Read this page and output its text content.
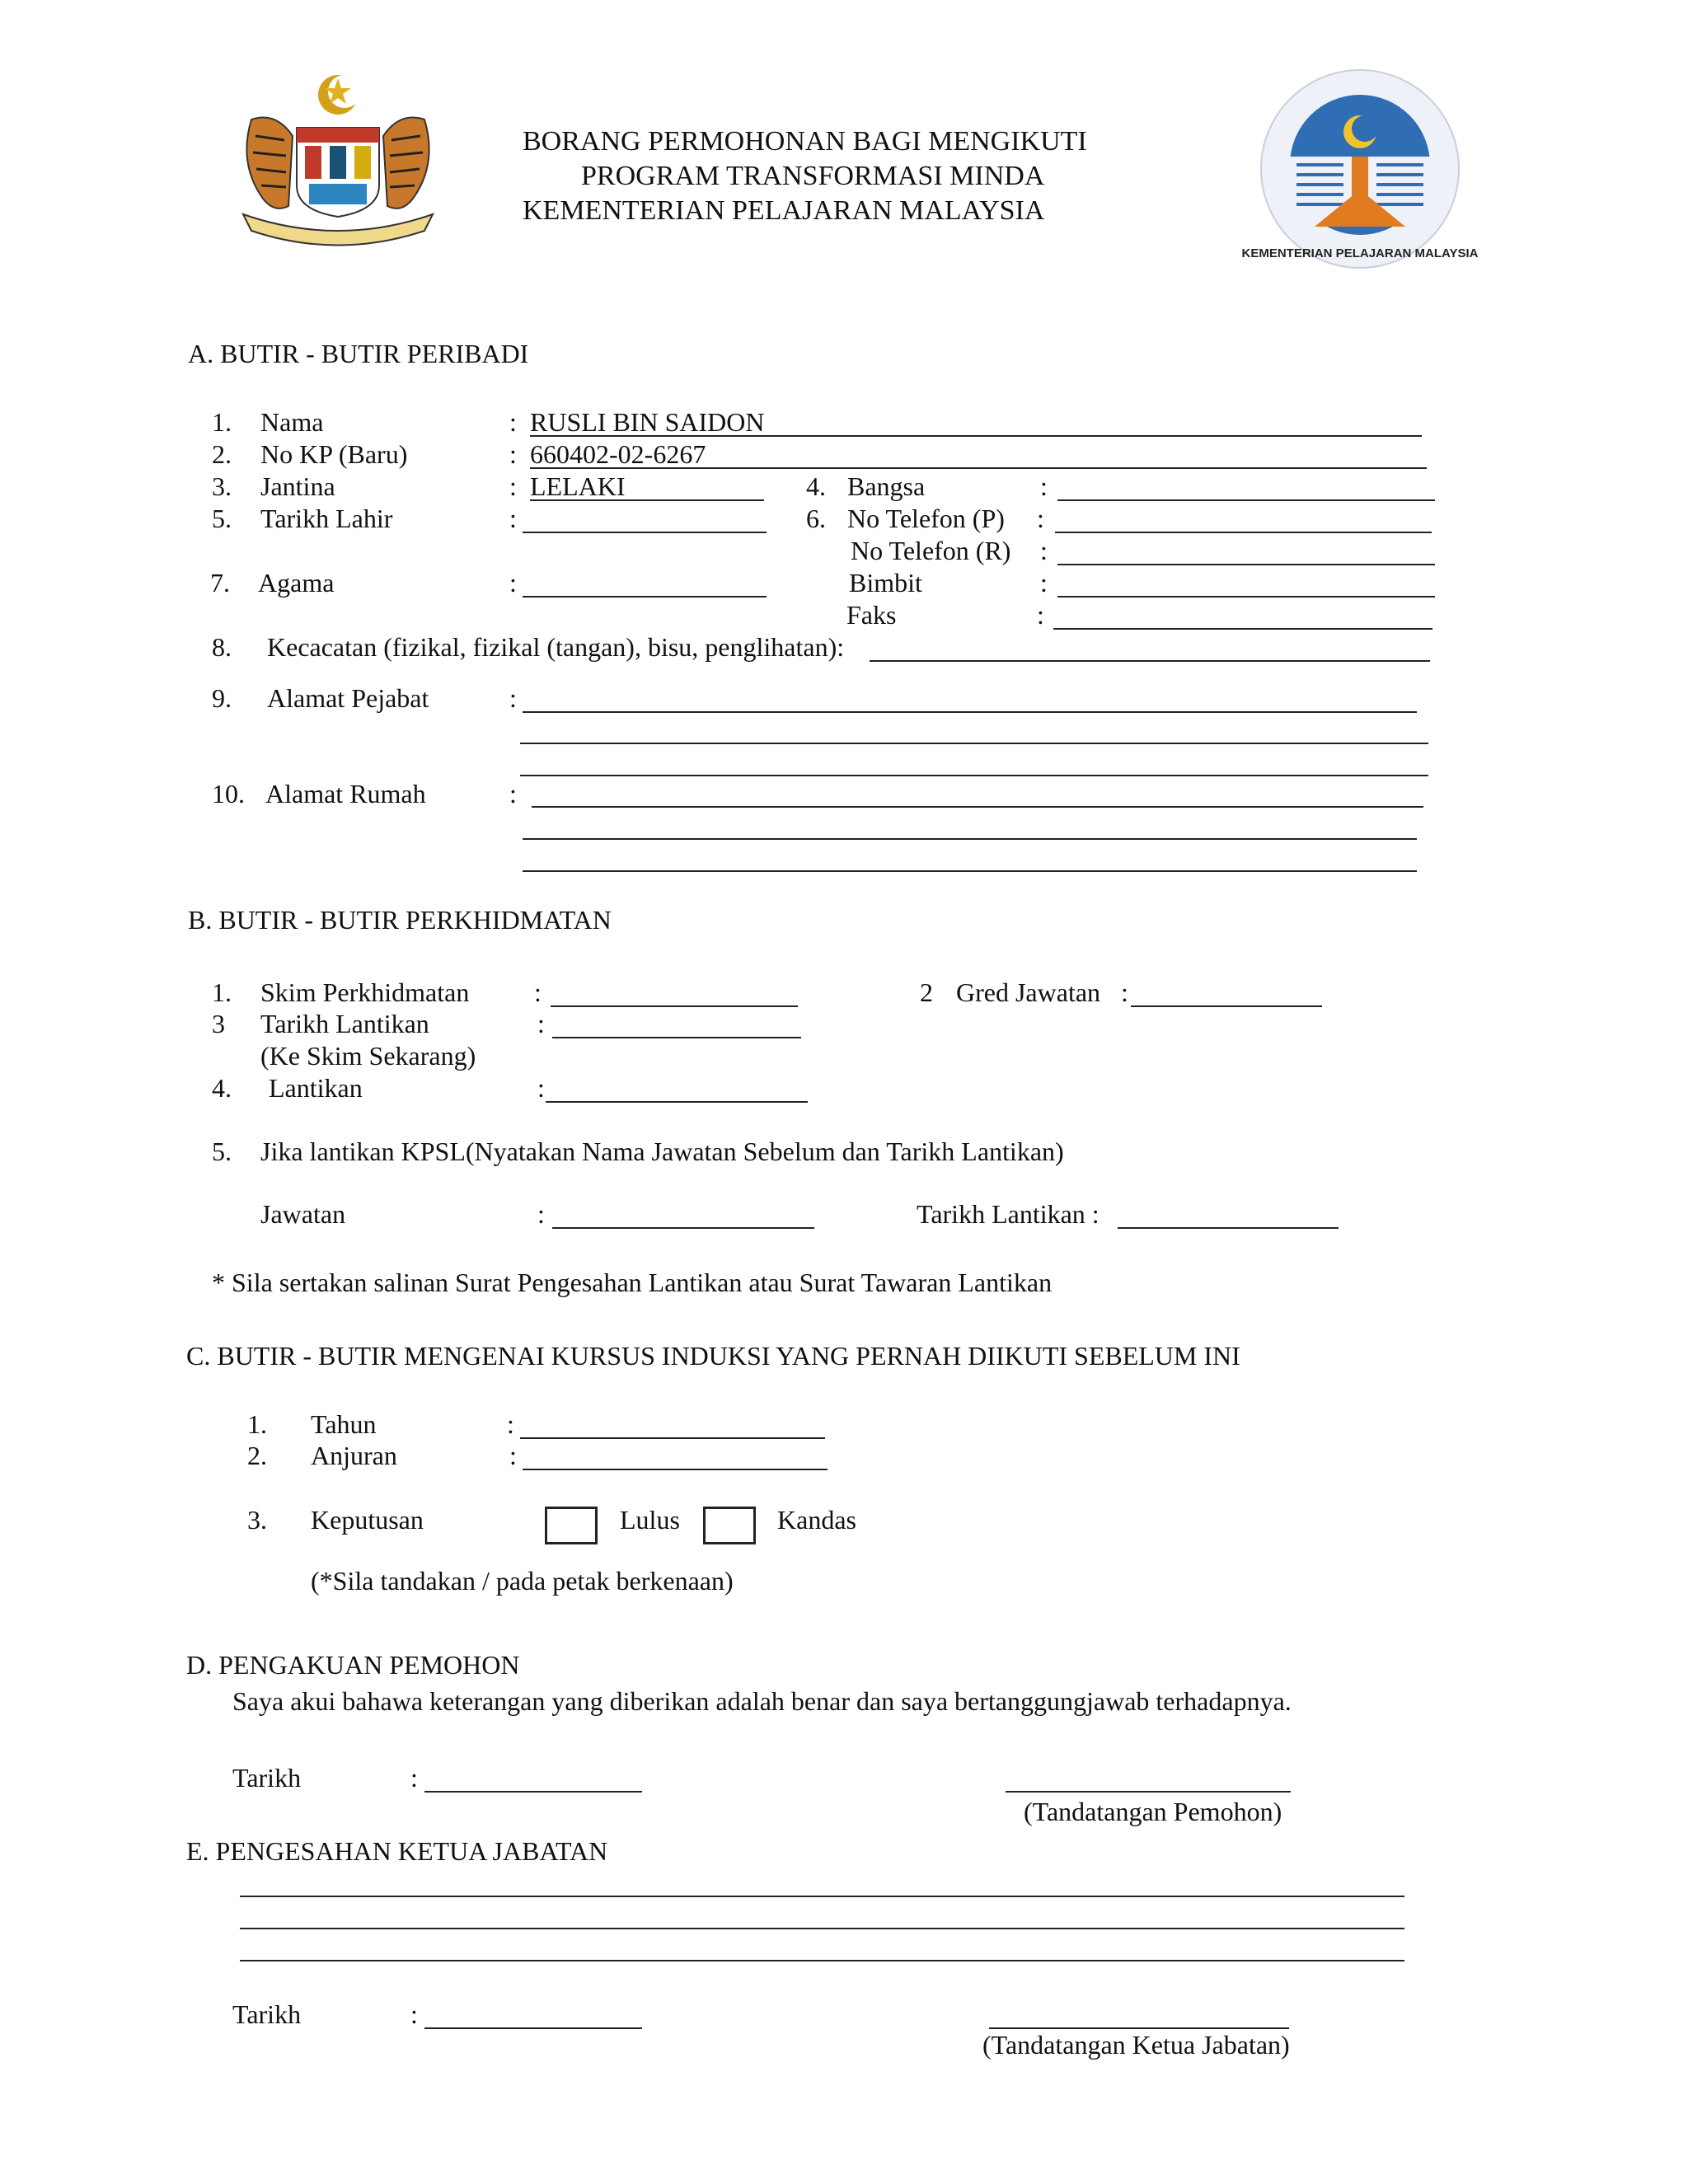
KEMENTERIAN PELAJARAN MALAYSIA
BORANG PERMOHONAN BAGI MENGIKUTI
PROGRAM TRANSFORMASI MINDA
KEMENTERIAN PELAJARAN MALAYSIA
A. BUTIR - BUTIR PERIBADI
1. Nama	: RUSLI BIN SAIDON
2. No KP (Baru)	: 660402-02-6267
3. Jantina	: LELAKI	4. Bangsa	:
5. Tarikh Lahir	:	6. No Telefon (P) :
No Telefon (R) :
7. Agama	:	Bimbit	:
Faks	:
8. Kecacatan (fizikal, fizikal (tangan), bisu, penglihatan):
9. Alamat Pejabat	:
10. Alamat Rumah	:
B. BUTIR - BUTIR PERKHIDMATAN
1. Skim Perkhidmatan :	2 Gred Jawatan :
3 Tarikh Lantikan	:
(Ke Skim Sekarang)
4. Lantikan	:
5. Jika lantikan KPSL(Nyatakan Nama Jawatan Sebelum dan Tarikh Lantikan)
Jawatan	:	Tarikh Lantikan :
* Sila sertakan salinan Surat Pengesahan Lantikan atau Surat Tawaran Lantikan
C. BUTIR - BUTIR MENGENAI KURSUS INDUKSI YANG PERNAH DIIKUTI SEBELUM INI
1. Tahun	:
2. Anjuran	:
3. Keputusan	Lulus	Kandas
(*Sila tandakan / pada petak berkenaan)
D. PENGAKUAN PEMOHON
Saya akui bahawa keterangan yang diberikan adalah benar dan saya bertanggungjawab terhadapnya.
Tarikh	:
(Tandatangan Pemohon)
E. PENGESAHAN KETUA JABATAN
Tarikh	:
(Tandatangan Ketua Jabatan)
